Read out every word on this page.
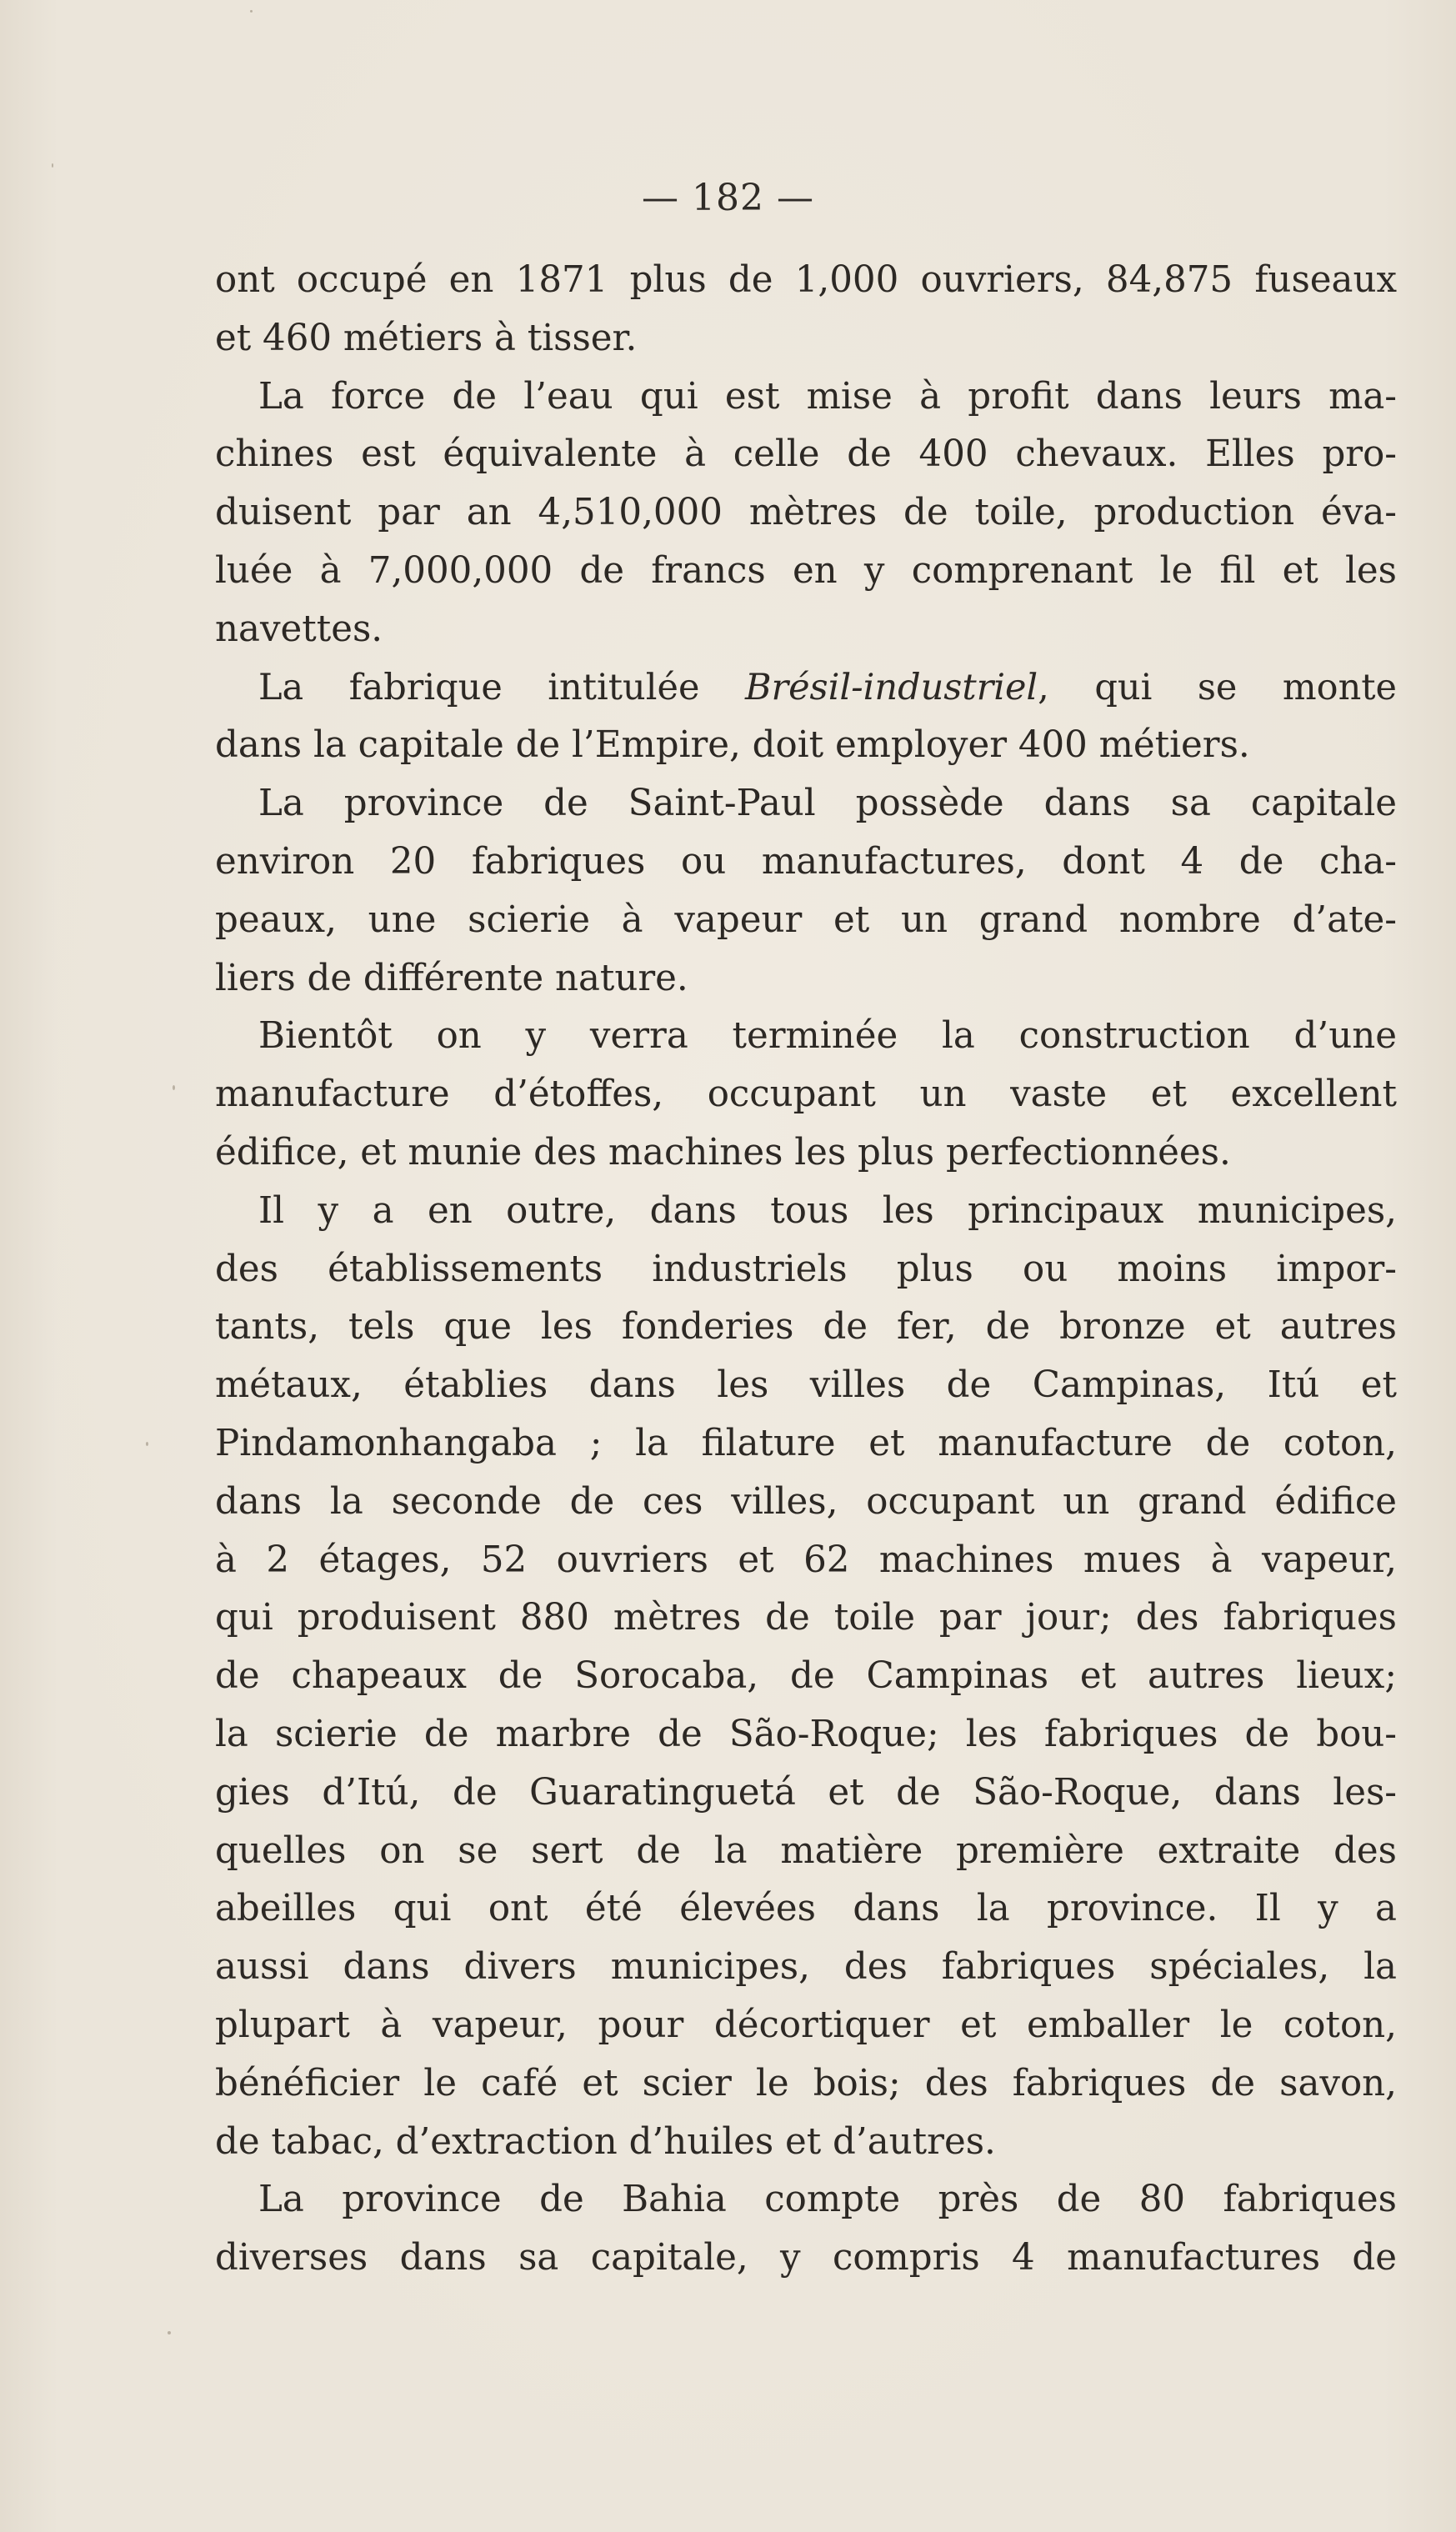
— 182 —
ont occupé en 1871 plus de 1,000 ouvriers, 84,875 fuseaux
et 460 métiers à tisser.
La force de l’eau qui est mise à profit dans leurs ma-
chines est équivalente à celle de 400 chevaux. Elles pro-
duisent par an 4,510,000 mètres de toile, production éva-
luée à 7,000,000 de francs en y comprenant le fil et les
navettes.
La fabrique intitulée Brésil-industriel, qui se monte
dans la capitale de l’Empire, doit employer 400 métiers.
La province de Saint-Paul possède dans sa capitale
environ 20 fabriques ou manufactures, dont 4 de cha-
peaux, une scierie à vapeur et un grand nombre d’ate-
liers de différente nature.
Bientôt on y verra terminée la construction d’une
manufacture d’étoffes, occupant un vaste et excellent
édifice, et munie des machines les plus perfectionnées.
Il y a en outre, dans tous les principaux municipes,
des établissements industriels plus ou moins impor-
tants, tels que les fonderies de fer, de bronze et autres
métaux, établies dans les villes de Campinas, Itú et
Pindamonhangaba ; la filature et manufacture de coton,
dans la seconde de ces villes, occupant un grand édifice
à 2 étages, 52 ouvriers et 62 machines mues à vapeur,
qui produisent 880 mètres de toile par jour; des fabriques
de chapeaux de Sorocaba, de Campinas et autres lieux;
la scierie de marbre de São-Roque; les fabriques de bou-
gies d’Itú, de Guaratinguetá et de São-Roque, dans les-
quelles on se sert de la matière première extraite des
abeilles qui ont été élevées dans la province. Il y a
aussi dans divers municipes, des fabriques spéciales, la
plupart à vapeur, pour décortiquer et emballer le coton,
bénéficier le café et scier le bois; des fabriques de savon,
de tabac, d’extraction d’huiles et d’autres.
La province de Bahia compte près de 80 fabriques
diverses dans sa capitale, y compris 4 manufactures de
